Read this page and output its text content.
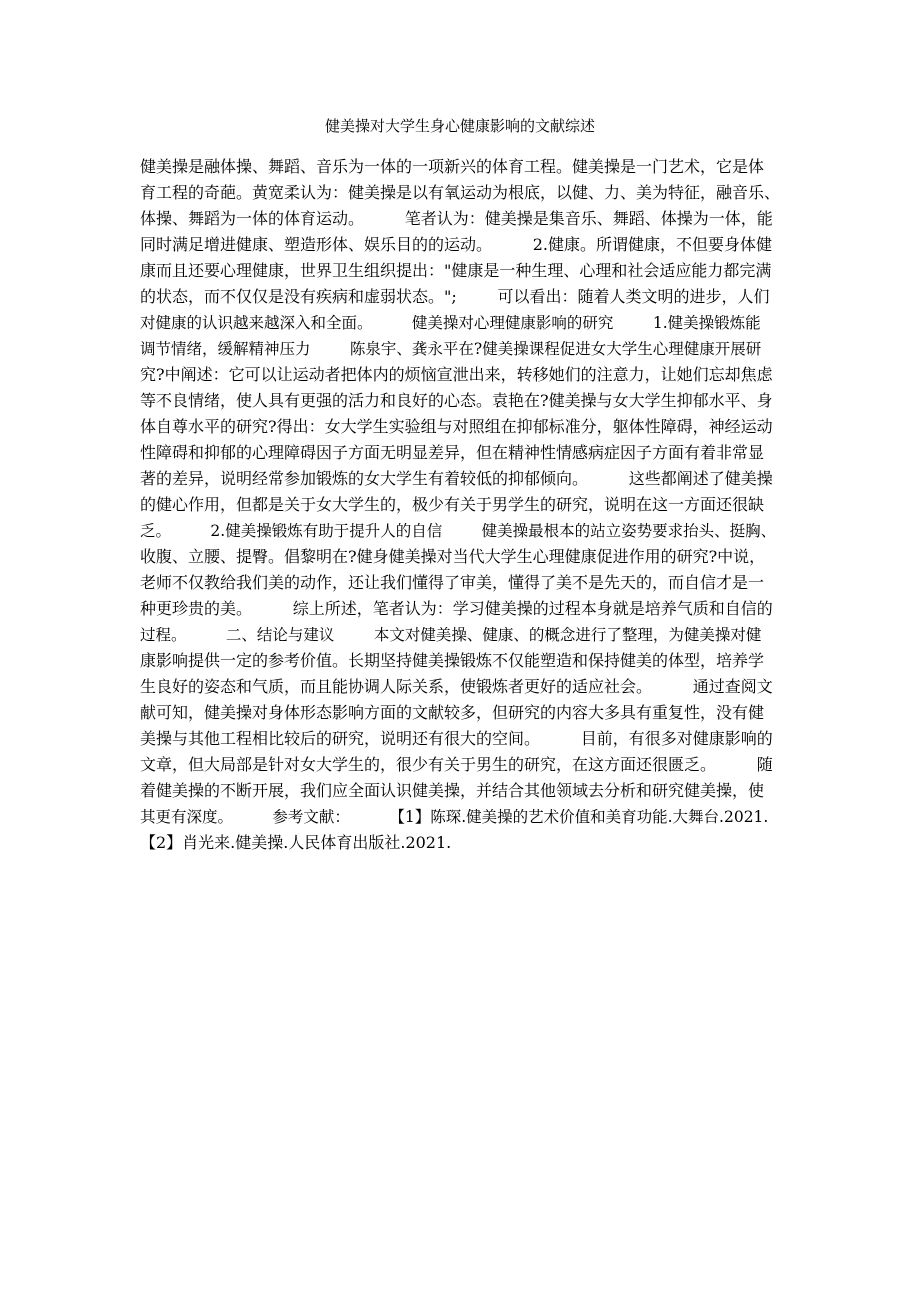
健美操对大学生身心健康影响的文献综述
健美操是融体操、舞蹈、音乐为一体的一项新兴的体育工程。健美操是一门艺术，它是体
育工程的奇葩。黄宽柔认为：健美操是以有氧运动为根底，以健、力、美为特征，融音乐、
体操、舞蹈为一体的体育运动。        笔者认为：健美操是集音乐、舞蹈、体操为一体，能
同时满足增进健康、塑造形体、娱乐目的的运动。        2.健康。所谓健康，不但要身体健
康而且还要心理健康，世界卫生组织提出："健康是一种生理、心理和社会适应能力都完满
的状态，而不仅仅是没有疾病和虚弱状态。";        可以看出：随着人类文明的进步，人们
对健康的认识越来越深入和全面。        健美操对心理健康影响的研究        1.健美操锻炼能
调节情绪，缓解精神压力        陈泉宇、龚永平在?健美操课程促进女大学生心理健康开展研
究?中阐述：它可以让运动者把体内的烦恼宣泄出来，转移她们的注意力，让她们忘却焦虑
等不良情绪，使人具有更强的活力和良好的心态。袁艳在?健美操与女大学生抑郁水平、身
体自尊水平的研究?得出：女大学生实验组与对照组在抑郁标准分，躯体性障碍，神经运动
性障碍和抑郁的心理障碍因子方面无明显差异，但在精神性情感病症因子方面有着非常显
著的差异，说明经常参加锻炼的女大学生有着较低的抑郁倾向。        这些都阐述了健美操
的健心作用，但都是关于女大学生的，极少有关于男学生的研究，说明在这一方面还很缺
乏。        2.健美操锻炼有助于提升人的自信        健美操最根本的站立姿势要求抬头、挺胸、
收腹、立腰、提臀。倡黎明在?健身健美操对当代大学生心理健康促进作用的研究?中说，
老师不仅教给我们美的动作，还让我们懂得了审美，懂得了美不是先天的，而自信才是一
种更珍贵的美。        综上所述，笔者认为：学习健美操的过程本身就是培养气质和自信的
过程。        二、结论与建议        本文对健美操、健康、的概念进行了整理，为健美操对健
康影响提供一定的参考价值。长期坚持健美操锻炼不仅能塑造和保持健美的体型，培养学
生良好的姿态和气质，而且能协调人际关系，使锻炼者更好的适应社会。        通过查阅文
献可知，健美操对身体形态影响方面的文献较多，但研究的内容大多具有重复性，没有健
美操与其他工程相比较后的研究，说明还有很大的空间。        目前，有很多对健康影响的
文章，但大局部是针对女大学生的，很少有关于男生的研究，在这方面还很匮乏。        随
着健美操的不断开展，我们应全面认识健美操，并结合其他领域去分析和研究健美操，使
其更有深度。        参考文献：        【1】陈琛.健美操的艺术价值和美育功能.大舞台.2021.
【2】肖光来.健美操.人民体育出版社.2021.
